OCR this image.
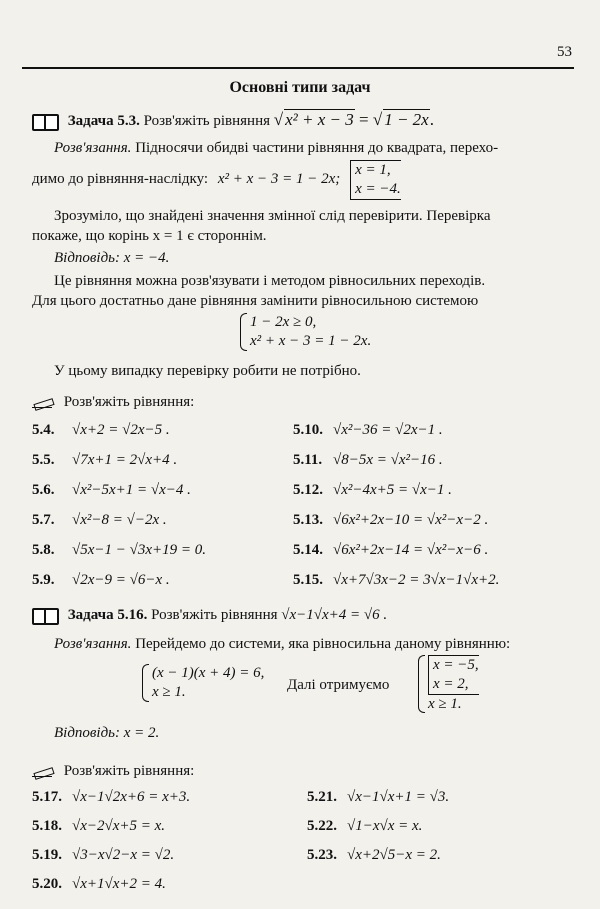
53
Основні типи задач
Задача 5.3. Розв'яжіть рівняння √ x² + x − 3 = √ 1 − 2x.
Розв'язання. Підносячи обидві частини рівняння до квадрата, перехо-
димо до рівняння-наслідку: x² + x − 3 = 1 − 2x; x = 1,
x = −4.
Зрозуміло, що знайдені значення змінної слід перевірити. Перевірка
покаже, що корінь x = 1 є стороннім.
Відповідь: x = −4.
Це рівняння можна розв'язувати і методом рівносильних переходів.
Для цього достатньо дане рівняння замінити рівносильною системою
1 − 2x ≥ 0,
x² + x − 3 = 1 − 2x.
У цьому випадку перевірку робити не потрібно.
Розв'яжіть рівняння:
5.4. √x+2 = √2x−5 .
5.5. √7x+1 = 2√x+4 .
5.6. √x²−5x+1 = √x−4 .
5.7. √x²−8 = √−2x .
5.8. √5x−1 − √3x+19 = 0.
5.9. √2x−9 = √6−x .
5.10. √x²−36 = √2x−1 .
5.11. √8−5x = √x²−16 .
5.12. √x²−4x+5 = √x−1 .
5.13. √6x²+2x−10 = √x²−x−2 .
5.14. √6x²+2x−14 = √x²−x−6 .
5.15. √x+7√3x−2 = 3√x−1√x+2.
Задача 5.16. Розв'яжіть рівняння √x−1√x+4 = √6 .
Розв'язання. Перейдемо до системи, яка рівносильна даному рівнянню:
(x − 1)(x + 4) = 6,
x ≥ 1.	Далі отримуємо
x = −5,
x = 2,
x ≥ 1.
Відповідь: x = 2.
Розв'яжіть рівняння:
5.17. √x−1√2x+6 = x+3.
5.18. √x−2√x+5 = x.
5.19. √3−x√2−x = √2.
5.20. √x+1√x+2 = 4.
5.21. √x−1√x+1 = √3.
5.22. √1−x√x = x.
5.23. √x+2√5−x = 2.
